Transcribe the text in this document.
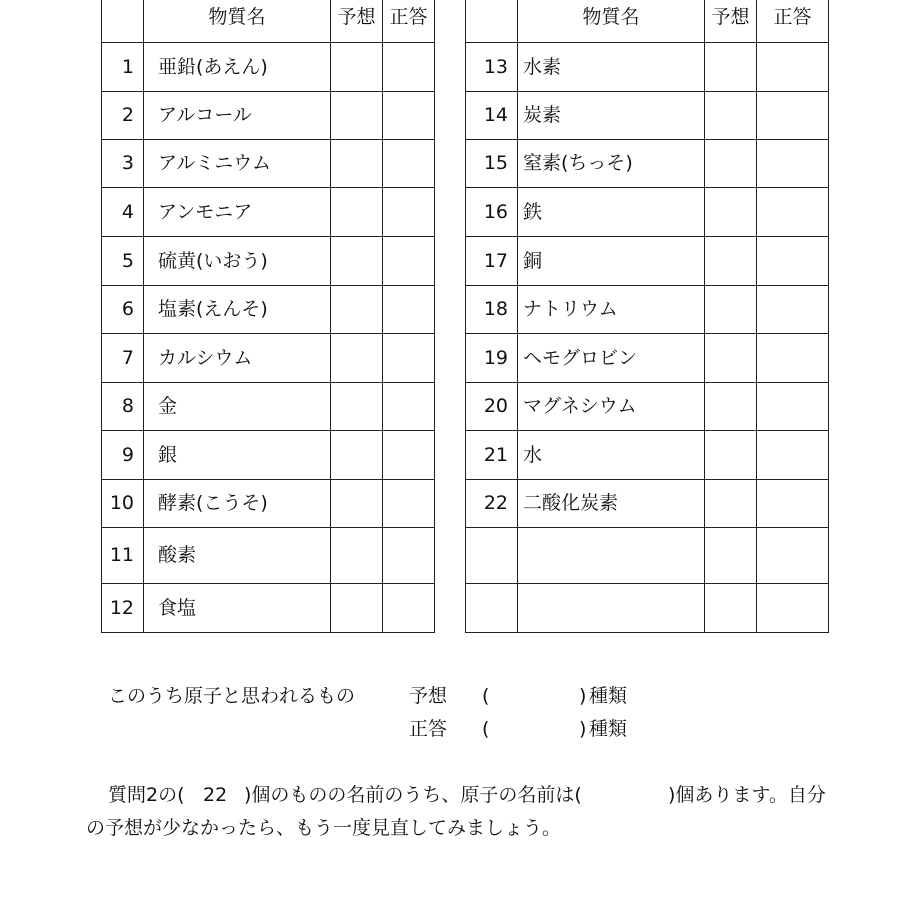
	物質名	予想	正答
1	亜鉛(あえん)		
2	アルコール		
3	アルミニウム		
4	アンモニア		
5	硫黄(いおう)		
6	塩素(えんそ)		
7	カルシウム		
8	金		
9	銀		
10	酵素(こうそ)		
11	酸素		
12	食塩		
	物質名	予想	正答
13	水素		
14	炭素		
15	窒素(ちっそ)		
16	鉄		
17	銅		
18	ナトリウム		
19	ヘモグロビン		
20	マグネシウム		
21	水		
22	二酸化炭素		

このうち原子と思われるもの	予想 (	) 種類
正答 (	) 種類
質問2の( 22 )個のものの名前のうち、原子の名前は(	)個あります。自分
の予想が少なかったら、もう一度見直してみましょう。
